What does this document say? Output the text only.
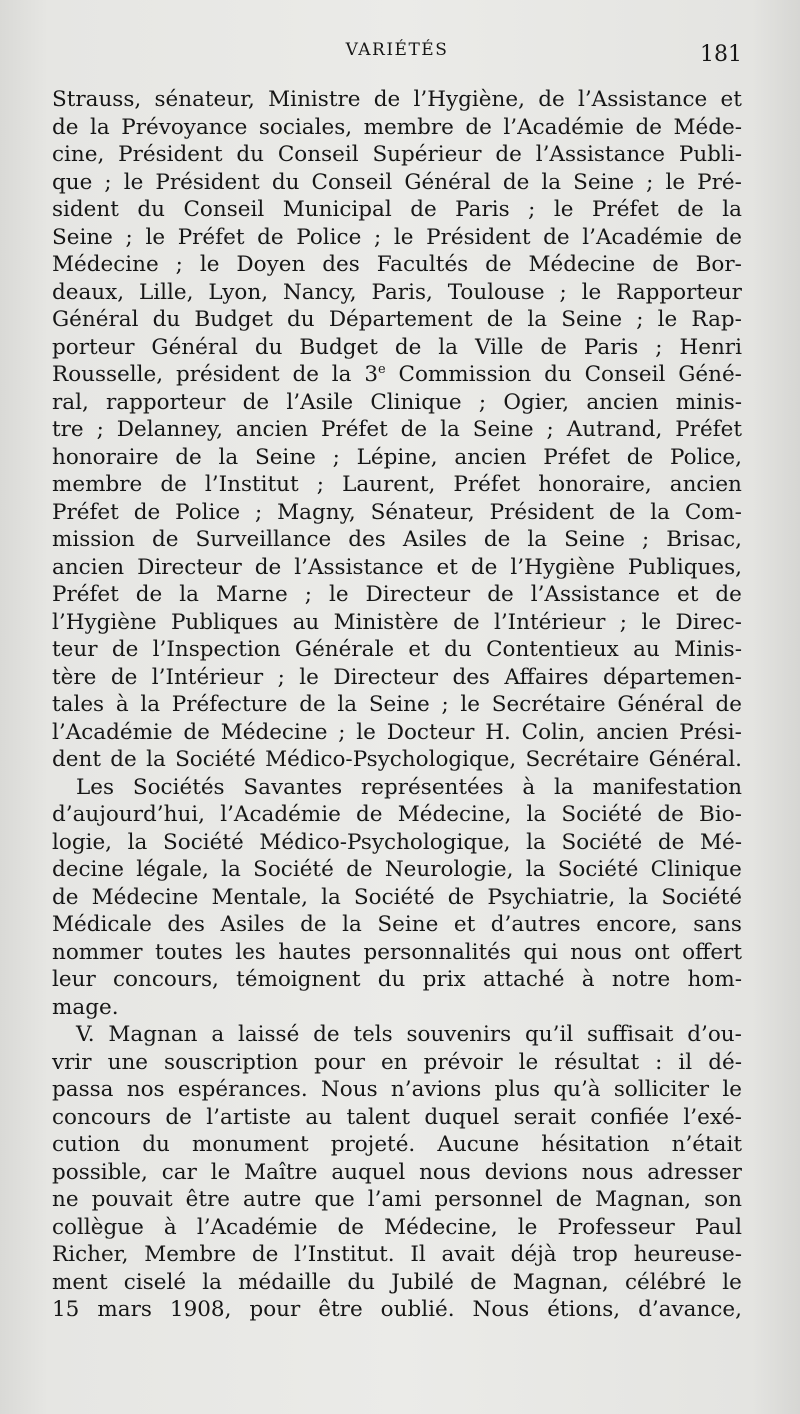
VARIÉTÉS	181
Strauss, sénateur, Ministre de l’Hygiène, de l’Assistance et
de la Prévoyance sociales, membre de l’Académie de Méde-
cine, Président du Conseil Supérieur de l’Assistance Publi-
que ; le Président du Conseil Général de la Seine ; le Pré-
sident du Conseil Municipal de Paris ; le Préfet de la
Seine ; le Préfet de Police ; le Président de l’Académie de
Médecine ; le Doyen des Facultés de Médecine de Bor-
deaux, Lille, Lyon, Nancy, Paris, Toulouse ; le Rapporteur
Général du Budget du Département de la Seine ; le Rap-
porteur Général du Budget de la Ville de Paris ; Henri
Rousselle, président de la 3e Commission du Conseil Géné-
ral, rapporteur de l’Asile Clinique ; Ogier, ancien minis-
tre ; Delanney, ancien Préfet de la Seine ; Autrand, Préfet
honoraire de la Seine ; Lépine, ancien Préfet de Police,
membre de l’Institut ; Laurent, Préfet honoraire, ancien
Préfet de Police ; Magny, Sénateur, Président de la Com-
mission de Surveillance des Asiles de la Seine ; Brisac,
ancien Directeur de l’Assistance et de l’Hygiène Publiques,
Préfet de la Marne ; le Directeur de l’Assistance et de
l’Hygiène Publiques au Ministère de l’Intérieur ; le Direc-
teur de l’Inspection Générale et du Contentieux au Minis-
tère de l’Intérieur ; le Directeur des Affaires départemen-
tales à la Préfecture de la Seine ; le Secrétaire Général de
l’Académie de Médecine ; le Docteur H. Colin, ancien Prési-
dent de la Société Médico-Psychologique, Secrétaire Général.
Les Sociétés Savantes représentées à la manifestation
d’aujourd’hui, l’Académie de Médecine, la Société de Bio-
logie, la Société Médico-Psychologique, la Société de Mé-
decine légale, la Société de Neurologie, la Société Clinique
de Médecine Mentale, la Société de Psychiatrie, la Société
Médicale des Asiles de la Seine et d’autres encore, sans
nommer toutes les hautes personnalités qui nous ont offert
leur concours, témoignent du prix attaché à notre hom-
mage.
V. Magnan a laissé de tels souvenirs qu’il suffisait d’ou-
vrir une souscription pour en prévoir le résultat : il dé-
passa nos espérances. Nous n’avions plus qu’à solliciter le
concours de l’artiste au talent duquel serait confiée l’exé-
cution du monument projeté. Aucune hésitation n’était
possible, car le Maître auquel nous devions nous adresser
ne pouvait être autre que l’ami personnel de Magnan, son
collègue à l’Académie de Médecine, le Professeur Paul
Richer, Membre de l’Institut. Il avait déjà trop heureuse-
ment ciselé la médaille du Jubilé de Magnan, célébré le
15 mars 1908, pour être oublié. Nous étions, d’avance,
